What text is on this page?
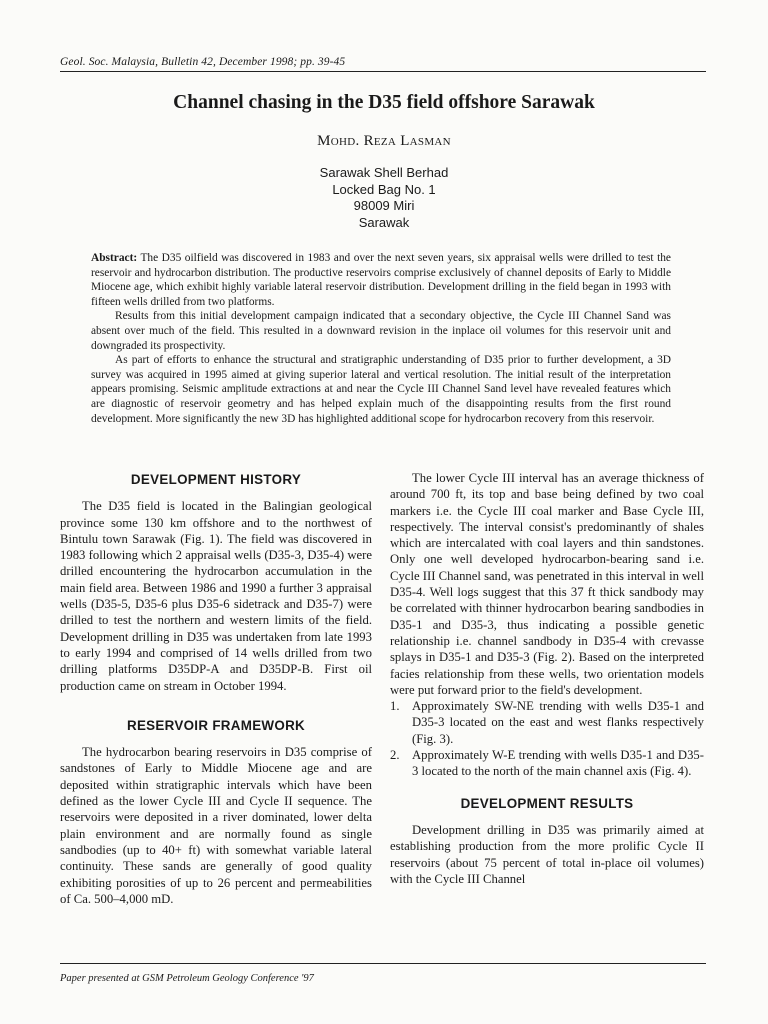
Geol. Soc. Malaysia, Bulletin 42, December 1998; pp. 39-45
Channel chasing in the D35 field offshore Sarawak
Mohd. Reza Lasman
Sarawak Shell Berhad
Locked Bag No. 1
98009 Miri
Sarawak

Abstract: The D35 oilfield was discovered in 1983 and over the next seven years, six appraisal wells were drilled to test the reservoir and hydrocarbon distribution. The productive reservoirs comprise exclusively of channel deposits of Early to Middle Miocene age, which exhibit highly variable lateral reservoir distribution. Development drilling in the field began in 1993 with fifteen wells drilled from two platforms.

Results from this initial development campaign indicated that a secondary objective, the Cycle III Channel Sand was absent over much of the field. This resulted in a downward revision in the inplace oil volumes for this reservoir unit and downgraded its prospectivity.

As part of efforts to enhance the structural and stratigraphic understanding of D35 prior to further development, a 3D survey was acquired in 1995 aimed at giving superior lateral and vertical resolution. The initial result of the interpretation appears promising. Seismic amplitude extractions at and near the Cycle III Channel Sand level have revealed features which are diagnostic of reservoir geometry and has helped explain much of the disappointing results from the first round development. More significantly the new 3D has highlighted additional scope for hydrocarbon recovery from this reservoir.

DEVELOPMENT HISTORY

The D35 field is located in the Balingian geological province some 130 km offshore and to the northwest of Bintulu town Sarawak (Fig. 1). The field was discovered in 1983 following which 2 appraisal wells (D35-3, D35-4) were drilled encountering the hydrocarbon accumulation in the main field area. Between 1986 and 1990 a further 3 appraisal wells (D35-5, D35-6 plus D35-6 sidetrack and D35-7) were drilled to test the northern and western limits of the field. Development drilling in D35 was undertaken from late 1993 to early 1994 and comprised of 14 wells drilled from two drilling platforms D35DP-A and D35DP-B. First oil production came on stream in October 1994.

RESERVOIR FRAMEWORK

The hydrocarbon bearing reservoirs in D35 comprise of sandstones of Early to Middle Miocene age and are deposited within stratigraphic intervals which have been defined as the lower Cycle III and Cycle II sequence. The reservoirs were deposited in a river dominated, lower delta plain environment and are normally found as single sandbodies (up to 40+ ft) with somewhat variable lateral continuity. These sands are generally of good quality exhibiting porosities of up to 26 percent and permeabilities of Ca. 500–4,000 mD.

The lower Cycle III interval has an average thickness of around 700 ft, its top and base being defined by two coal markers i.e. the Cycle III coal marker and Base Cycle III, respectively. The interval consist's predominantly of shales which are intercalated with coal layers and thin sandstones. Only one well developed hydrocarbon-bearing sand i.e. Cycle III Channel sand, was penetrated in this interval in well D35-4. Well logs suggest that this 37 ft thick sandbody may be correlated with thinner hydrocarbon bearing sandbodies in D35-1 and D35-3, thus indicating a possible genetic relationship i.e. channel sandbody in D35-4 with crevasse splays in D35-1 and D35-3 (Fig. 2). Based on the interpreted facies relationship from these wells, two orientation models were put forward prior to the field's development.

1. Approximately SW-NE trending with wells D35-1 and D35-3 located on the east and west flanks respectively (Fig. 3).
2. Approximately W-E trending with wells D35-1 and D35-3 located to the north of the main channel axis (Fig. 4).
DEVELOPMENT RESULTS

Development drilling in D35 was primarily aimed at establishing production from the more prolific Cycle II reservoirs (about 75 percent of total in-place oil volumes) with the Cycle III Channel

Paper presented at GSM Petroleum Geology Conference '97
